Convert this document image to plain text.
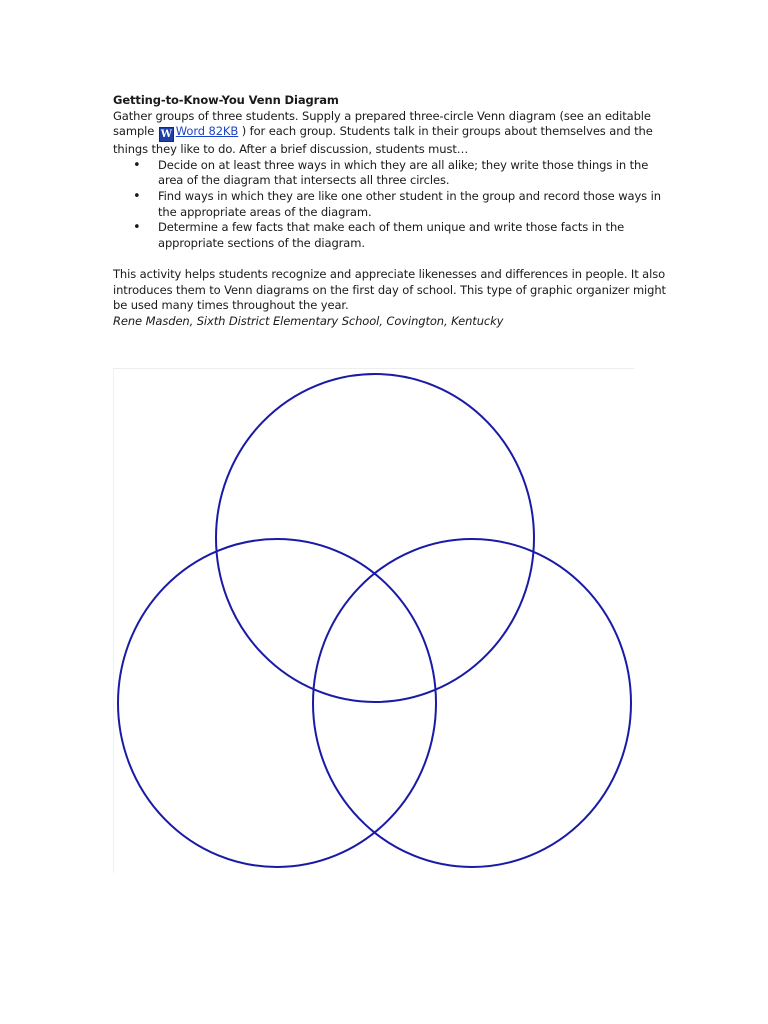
Getting-to-Know-You Venn Diagram

Gather groups of three students. Supply a prepared three-circle Venn diagram (see an editable sample W Word 82KB ) for each group. Students talk in their groups about themselves and the things they like to do. After a brief discussion, students must…

• Decide on at least three ways in which they are all alike; they write those things in the area of the diagram that intersects all three circles.
• Find ways in which they are like one other student in the group and record those ways in the appropriate areas of the diagram.
• Determine a few facts that make each of them unique and write those facts in the appropriate sections of the diagram.

This activity helps students recognize and appreciate likenesses and differences in people. It also introduces them to Venn diagrams on the first day of school. This type of graphic organizer might be used many times throughout the year.

Rene Masden, Sixth District Elementary School, Covington, Kentucky
